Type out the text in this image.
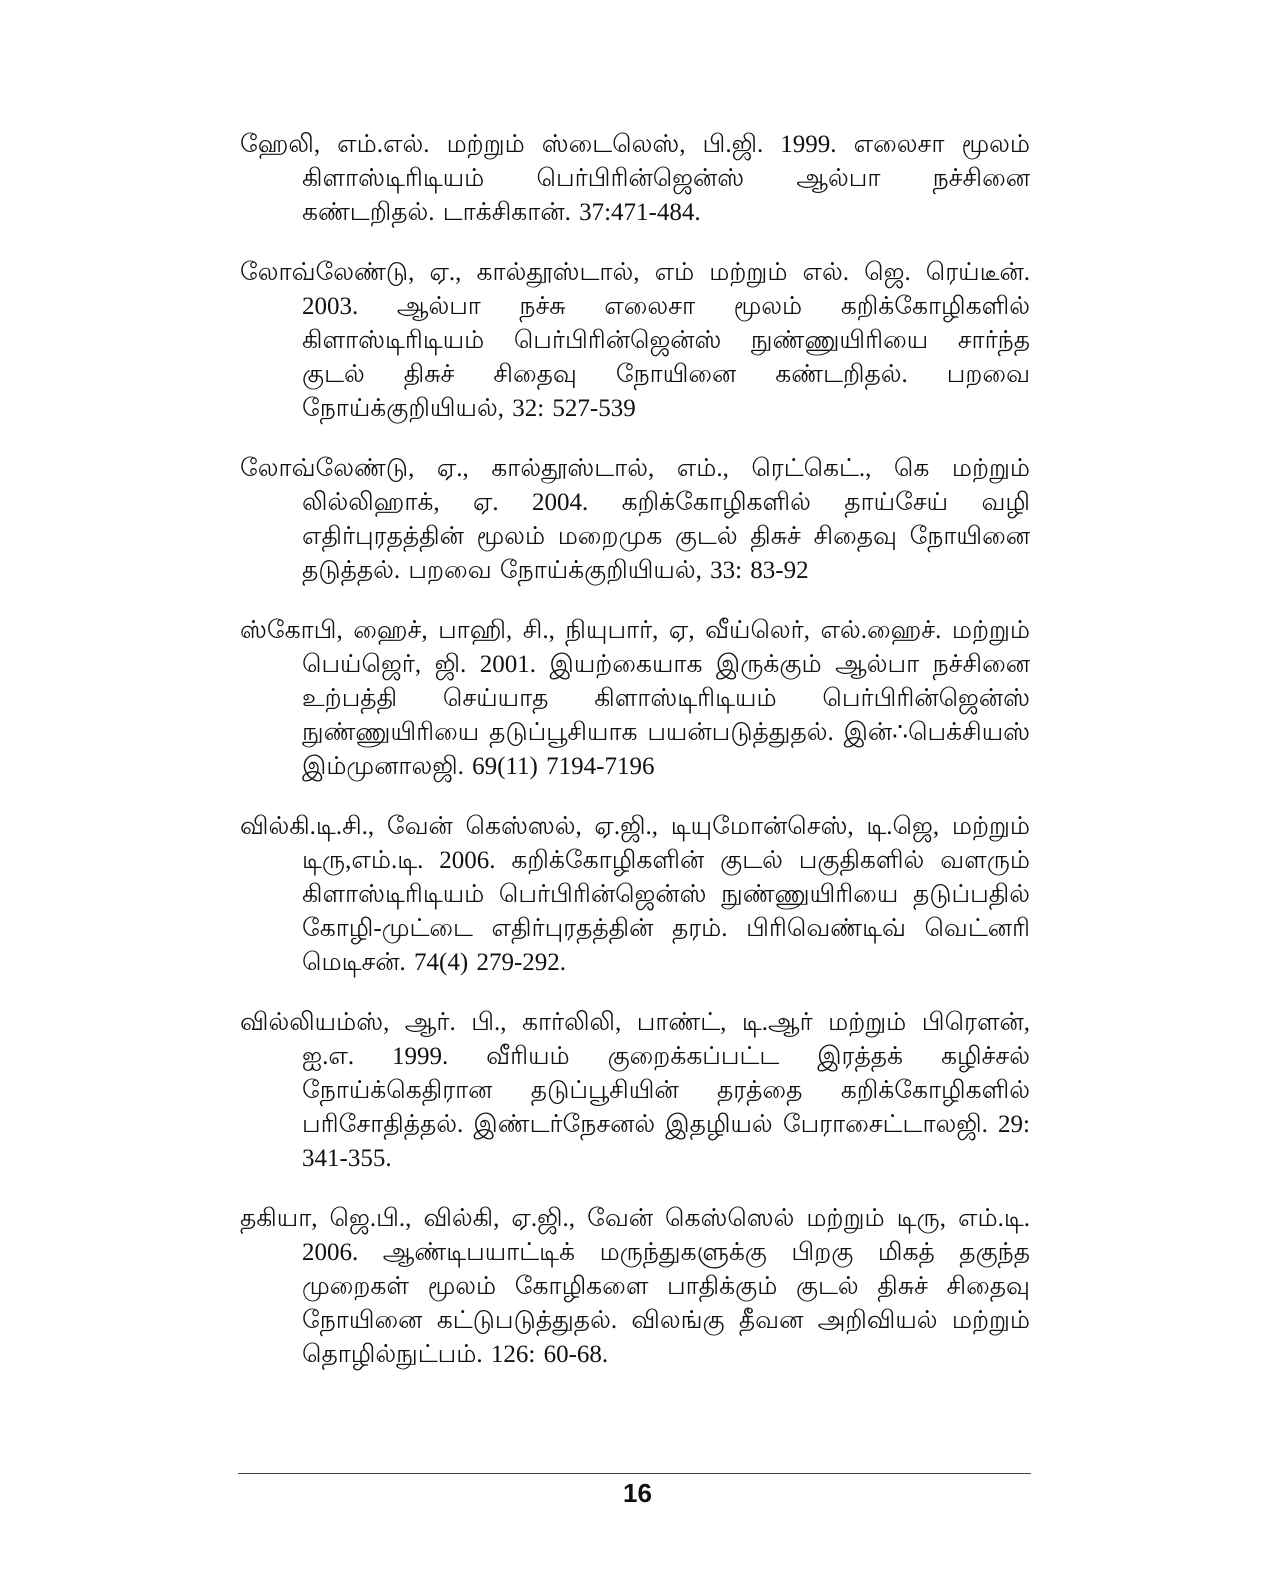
ஹேலி, எம்.எல். மற்றும் ஸ்டைலெஸ், பி.ஜி. 1999. எலைசா மூலம் கிளாஸ்டிரிடியம் பெர்பிரின்ஜென்ஸ் ஆல்பா நச்சினை கண்டறிதல். டாக்சிகான். 37:471-484.

லோவ்லேண்டு, ஏ., கால்தூஸ்டால், எம் மற்றும் எல். ஜெ. ரெய்டீன். 2003. ஆல்பா நச்சு எலைசா மூலம் கறிக்கோழிகளில் கிளாஸ்டிரிடியம் பெர்பிரின்ஜென்ஸ் நுண்ணுயிரியை சார்ந்த குடல் திசுச் சிதைவு நோயினை கண்டறிதல். பறவை நோய்க்குறியியல், 32: 527-539

லோவ்லேண்டு, ஏ., கால்தூஸ்டால், எம்., ரெட்கெட்., கெ மற்றும் லில்லிஹாக், ஏ. 2004. கறிக்கோழிகளில் தாய்சேய் வழி எதிர்புரதத்தின் மூலம் மறைமுக குடல் திசுச் சிதைவு நோயினை தடுத்தல். பறவை நோய்க்குறியியல், 33: 83-92

ஸ்கோபி, ஹைச், பாஹி, சி., நியுபார், ஏ, வீய்லெர், எல்.ஹைச். மற்றும் பெய்ஜெர், ஜி. 2001. இயற்கையாக இருக்கும் ஆல்பா நச்சினை உற்பத்தி செய்யாத கிளாஸ்டிரிடியம் பெர்பிரின்ஜென்ஸ் நுண்ணுயிரியை தடுப்பூசியாக பயன்படுத்துதல். இன்∴பெக்சியஸ் இம்முனாலஜி. 69(11) 7194-7196

வில்கி.டி.சி., வேன் கெஸ்ஸல், ஏ.ஜி., டியுமோன்செஸ், டி.ஜெ, மற்றும் டிரு,எம்.டி. 2006. கறிக்கோழிகளின் குடல் பகுதிகளில் வளரும் கிளாஸ்டிரிடியம் பெர்பிரின்ஜென்ஸ் நுண்ணுயிரியை தடுப்பதில் கோழி-முட்டை எதிர்புரதத்தின் தரம். பிரிவெண்டிவ் வெட்னரி மெடிசன். 74(4) 279-292.

வில்லியம்ஸ், ஆர். பி., கார்லிலி, பாண்ட், டி.ஆர் மற்றும் பிரௌன், ஐ.எ. 1999. வீரியம் குறைக்கப்பட்ட இரத்தக் கழிச்சல் நோய்க்கெதிரான தடுப்பூசியின் தரத்தை கறிக்கோழிகளில் பரிசோதித்தல். இண்டர்நேசனல் இதழியல் பேராசைட்டாலஜி. 29: 341-355.

தகியா, ஜெ.பி., வில்கி, ஏ.ஜி., வேன் கெஸ்ஸெல் மற்றும் டிரு, எம்.டி. 2006. ஆண்டிபயாட்டிக் மருந்துகளுக்கு பிறகு மிகத் தகுந்த முறைகள் மூலம் கோழிகளை பாதிக்கும் குடல் திசுச் சிதைவு நோயினை கட்டுபடுத்துதல். விலங்கு தீவன அறிவியல் மற்றும் தொழில்நுட்பம். 126: 60-68.

16
